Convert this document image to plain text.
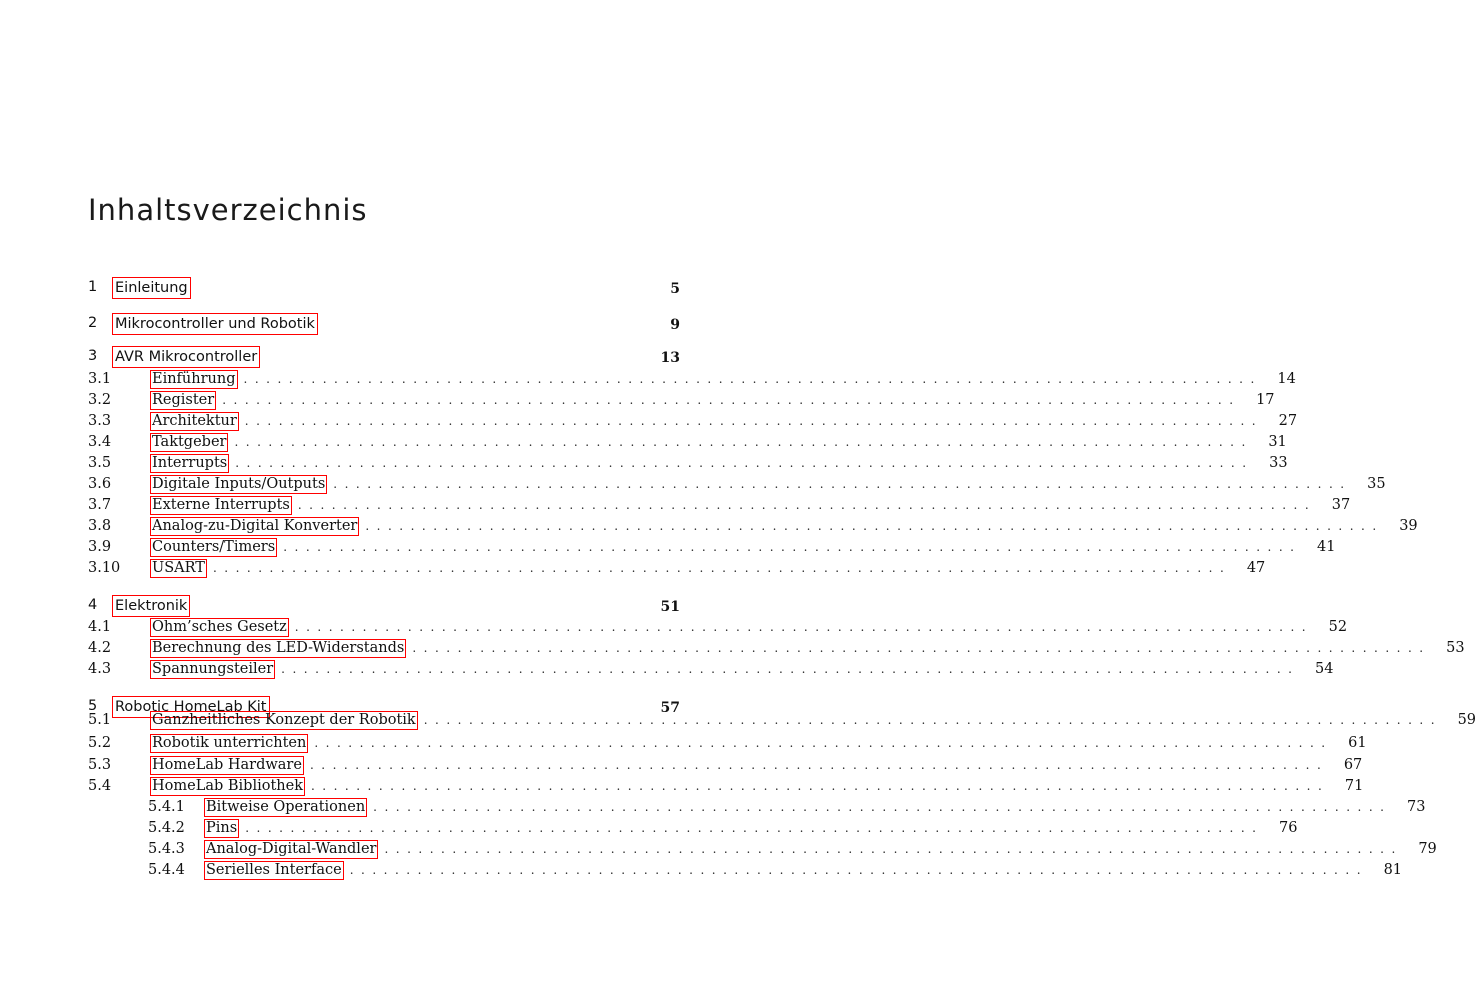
Inhaltsverzeichnis
1	Einleitung	5
2	Mikrocontroller und Robotik	9
3	AVR Mikrocontroller	13
3.1	Einführung ..........................................................................................	14
3.2	Register ..........................................................................................	17
3.3	Architektur ..........................................................................................	27
3.4	Taktgeber ..........................................................................................	31
3.5	Interrupts ..........................................................................................	33
3.6	Digitale Inputs/Outputs ..........................................................................................	35
3.7	Externe Interrupts ..........................................................................................	37
3.8	Analog-zu-Digital Konverter ..........................................................................................	39
3.9	Counters/Timers ..........................................................................................	41
3.10	USART ..........................................................................................	47
4	Elektronik	51
4.1	Ohm’sches Gesetz ..........................................................................................	52
4.2	Berechnung des LED-Widerstands ..........................................................................................	53
4.3	Spannungsteiler ..........................................................................................	54
5	Robotic HomeLab Kit	57
5.1	Ganzheitliches Konzept der Robotik ..........................................................................................	59
5.2	Robotik unterrichten ..........................................................................................	61
5.3	HomeLab Hardware ..........................................................................................	67
5.4	HomeLab Bibliothek ..........................................................................................	71
5.4.1	Bitweise Operationen ..........................................................................................	73
5.4.2	Pins ..........................................................................................	76
5.4.3	Analog-Digital-Wandler ..........................................................................................	79
5.4.4	Serielles Interface ..........................................................................................	81
